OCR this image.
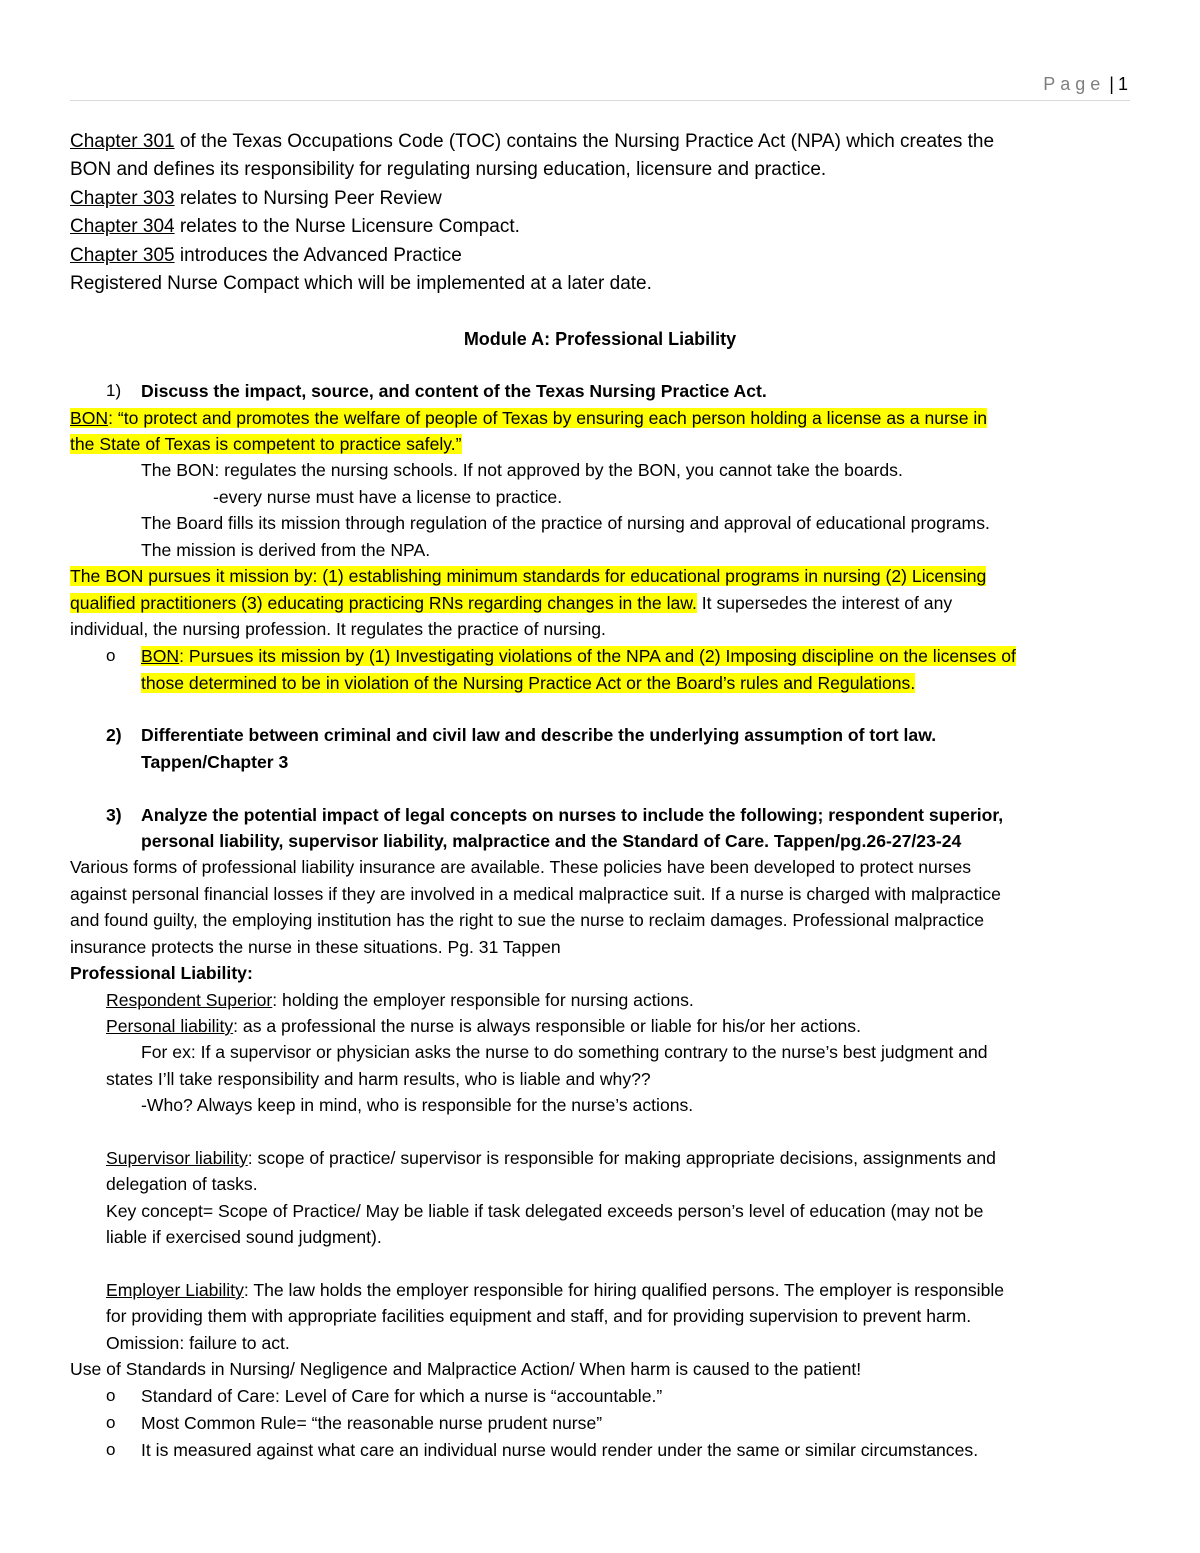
Page | 1
Chapter 301 of the Texas Occupations Code (TOC) contains the Nursing Practice Act (NPA) which creates the
BON and defines its responsibility for regulating nursing education, licensure and practice.
Chapter 303 relates to Nursing Peer Review
Chapter 304 relates to the Nurse Licensure Compact.
Chapter 305 introduces the Advanced Practice
Registered Nurse Compact which will be implemented at a later date.
Module A: Professional Liability
1) Discuss the impact, source, and content of the Texas Nursing Practice Act.
BON: “to protect and promotes the welfare of people of Texas by ensuring each person holding a license as a nurse in
the State of Texas is competent to practice safely.”
The BON: regulates the nursing schools. If not approved by the BON, you cannot take the boards.
-every nurse must have a license to practice.
The Board fills its mission through regulation of the practice of nursing and approval of educational programs.
The mission is derived from the NPA.
The BON pursues it mission by: (1) establishing minimum standards for educational programs in nursing (2) Licensing
qualified practitioners (3) educating practicing RNs regarding changes in the law. It supersedes the interest of any
individual, the nursing profession. It regulates the practice of nursing.
o BON: Pursues its mission by (1) Investigating violations of the NPA and (2) Imposing discipline on the licenses of
those determined to be in violation of the Nursing Practice Act or the Board’s rules and Regulations.
2) Differentiate between criminal and civil law and describe the underlying assumption of tort law.
Tappen/Chapter 3
3) Analyze the potential impact of legal concepts on nurses to include the following; respondent superior,
personal liability, supervisor liability, malpractice and the Standard of Care. Tappen/pg.26-27/23-24
Various forms of professional liability insurance are available. These policies have been developed to protect nurses
against personal financial losses if they are involved in a medical malpractice suit. If a nurse is charged with malpractice
and found guilty, the employing institution has the right to sue the nurse to reclaim damages. Professional malpractice
insurance protects the nurse in these situations. Pg. 31 Tappen
Professional Liability:
Respondent Superior: holding the employer responsible for nursing actions.
Personal liability: as a professional the nurse is always responsible or liable for his/or her actions.
For ex: If a supervisor or physician asks the nurse to do something contrary to the nurse’s best judgment and
states I’ll take responsibility and harm results, who is liable and why??
-Who? Always keep in mind, who is responsible for the nurse’s actions.
Supervisor liability: scope of practice/ supervisor is responsible for making appropriate decisions, assignments and
delegation of tasks.
Key concept= Scope of Practice/ May be liable if task delegated exceeds person’s level of education (may not be
liable if exercised sound judgment).
Employer Liability: The law holds the employer responsible for hiring qualified persons. The employer is responsible
for providing them with appropriate facilities equipment and staff, and for providing supervision to prevent harm.
Omission: failure to act.
Use of Standards in Nursing/ Negligence and Malpractice Action/ When harm is caused to the patient!
o Standard of Care: Level of Care for which a nurse is “accountable.”
o Most Common Rule= “the reasonable nurse prudent nurse”
o It is measured against what care an individual nurse would render under the same or similar circumstances.
